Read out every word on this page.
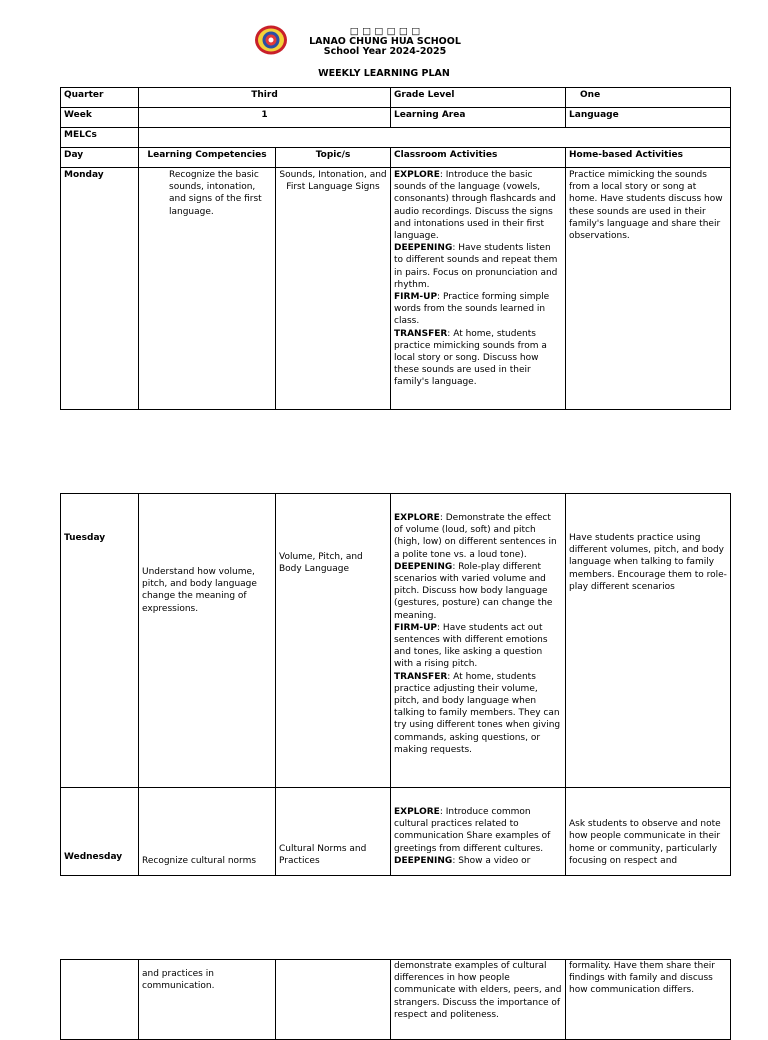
□ □ □ □ □ □
LANAO CHUNG HUA SCHOOL
School Year 2024-2025
WEEKLY LEARNING PLAN
Quarter	Third		Grade Level	One
Week	1		Learning Area	Language
MELCs				
Day	Learning Competencies	Topic/s	Classroom Activities	Home-based Activities
Monday	Recognize the basic sounds, intonation, and signs of the first language.	Sounds, Intonation, and First Language Signs	EXPLORE: Introduce the basic sounds of the language (vowels, consonants) through flashcards and audio recordings. Discuss the signs and intonations used in their first language.
DEEPENING: Have students listen to different sounds and repeat them in pairs. Focus on pronunciation and rhythm.
FIRM-UP: Practice forming simple words from the sounds learned in class.
TRANSFER: At home, students practice mimicking sounds from a local story or song. Discuss how these sounds are used in their family's language.	Practice mimicking the sounds from a local story or song at home. Have students discuss how these sounds are used in their family's language and share their observations.
Tuesday	Understand how volume, pitch, and body language change the meaning of expressions.	Volume, Pitch, and Body Language	EXPLORE: Demonstrate the effect of volume (loud, soft) and pitch (high, low) on different sentences in a polite tone vs. a loud tone).
DEEPENING: Role-play different scenarios with varied volume and pitch. Discuss how body language (gestures, posture) can change the meaning.
FIRM-UP: Have students act out sentences with different emotions and tones, like asking a question with a rising pitch.
TRANSFER: At home, students practice adjusting their volume, pitch, and body language when talking to family members. They can try using different tones when giving commands, asking questions, or making requests.	Have students practice using different volumes, pitch, and body language when talking to family members. Encourage them to role-play different scenarios
Wednesday	Recognize cultural norms	Cultural Norms and Practices	EXPLORE: Introduce common cultural practices related to communication Share examples of greetings from different cultures.
DEEPENING: Show a video or	Ask students to observe and note how people communicate in their home or community, particularly focusing on respect and
	and practices in communication.		demonstrate examples of cultural differences in how people communicate with elders, peers, and strangers. Discuss the importance of respect and politeness.	formality. Have them share their findings with family and discuss how communication differs.
